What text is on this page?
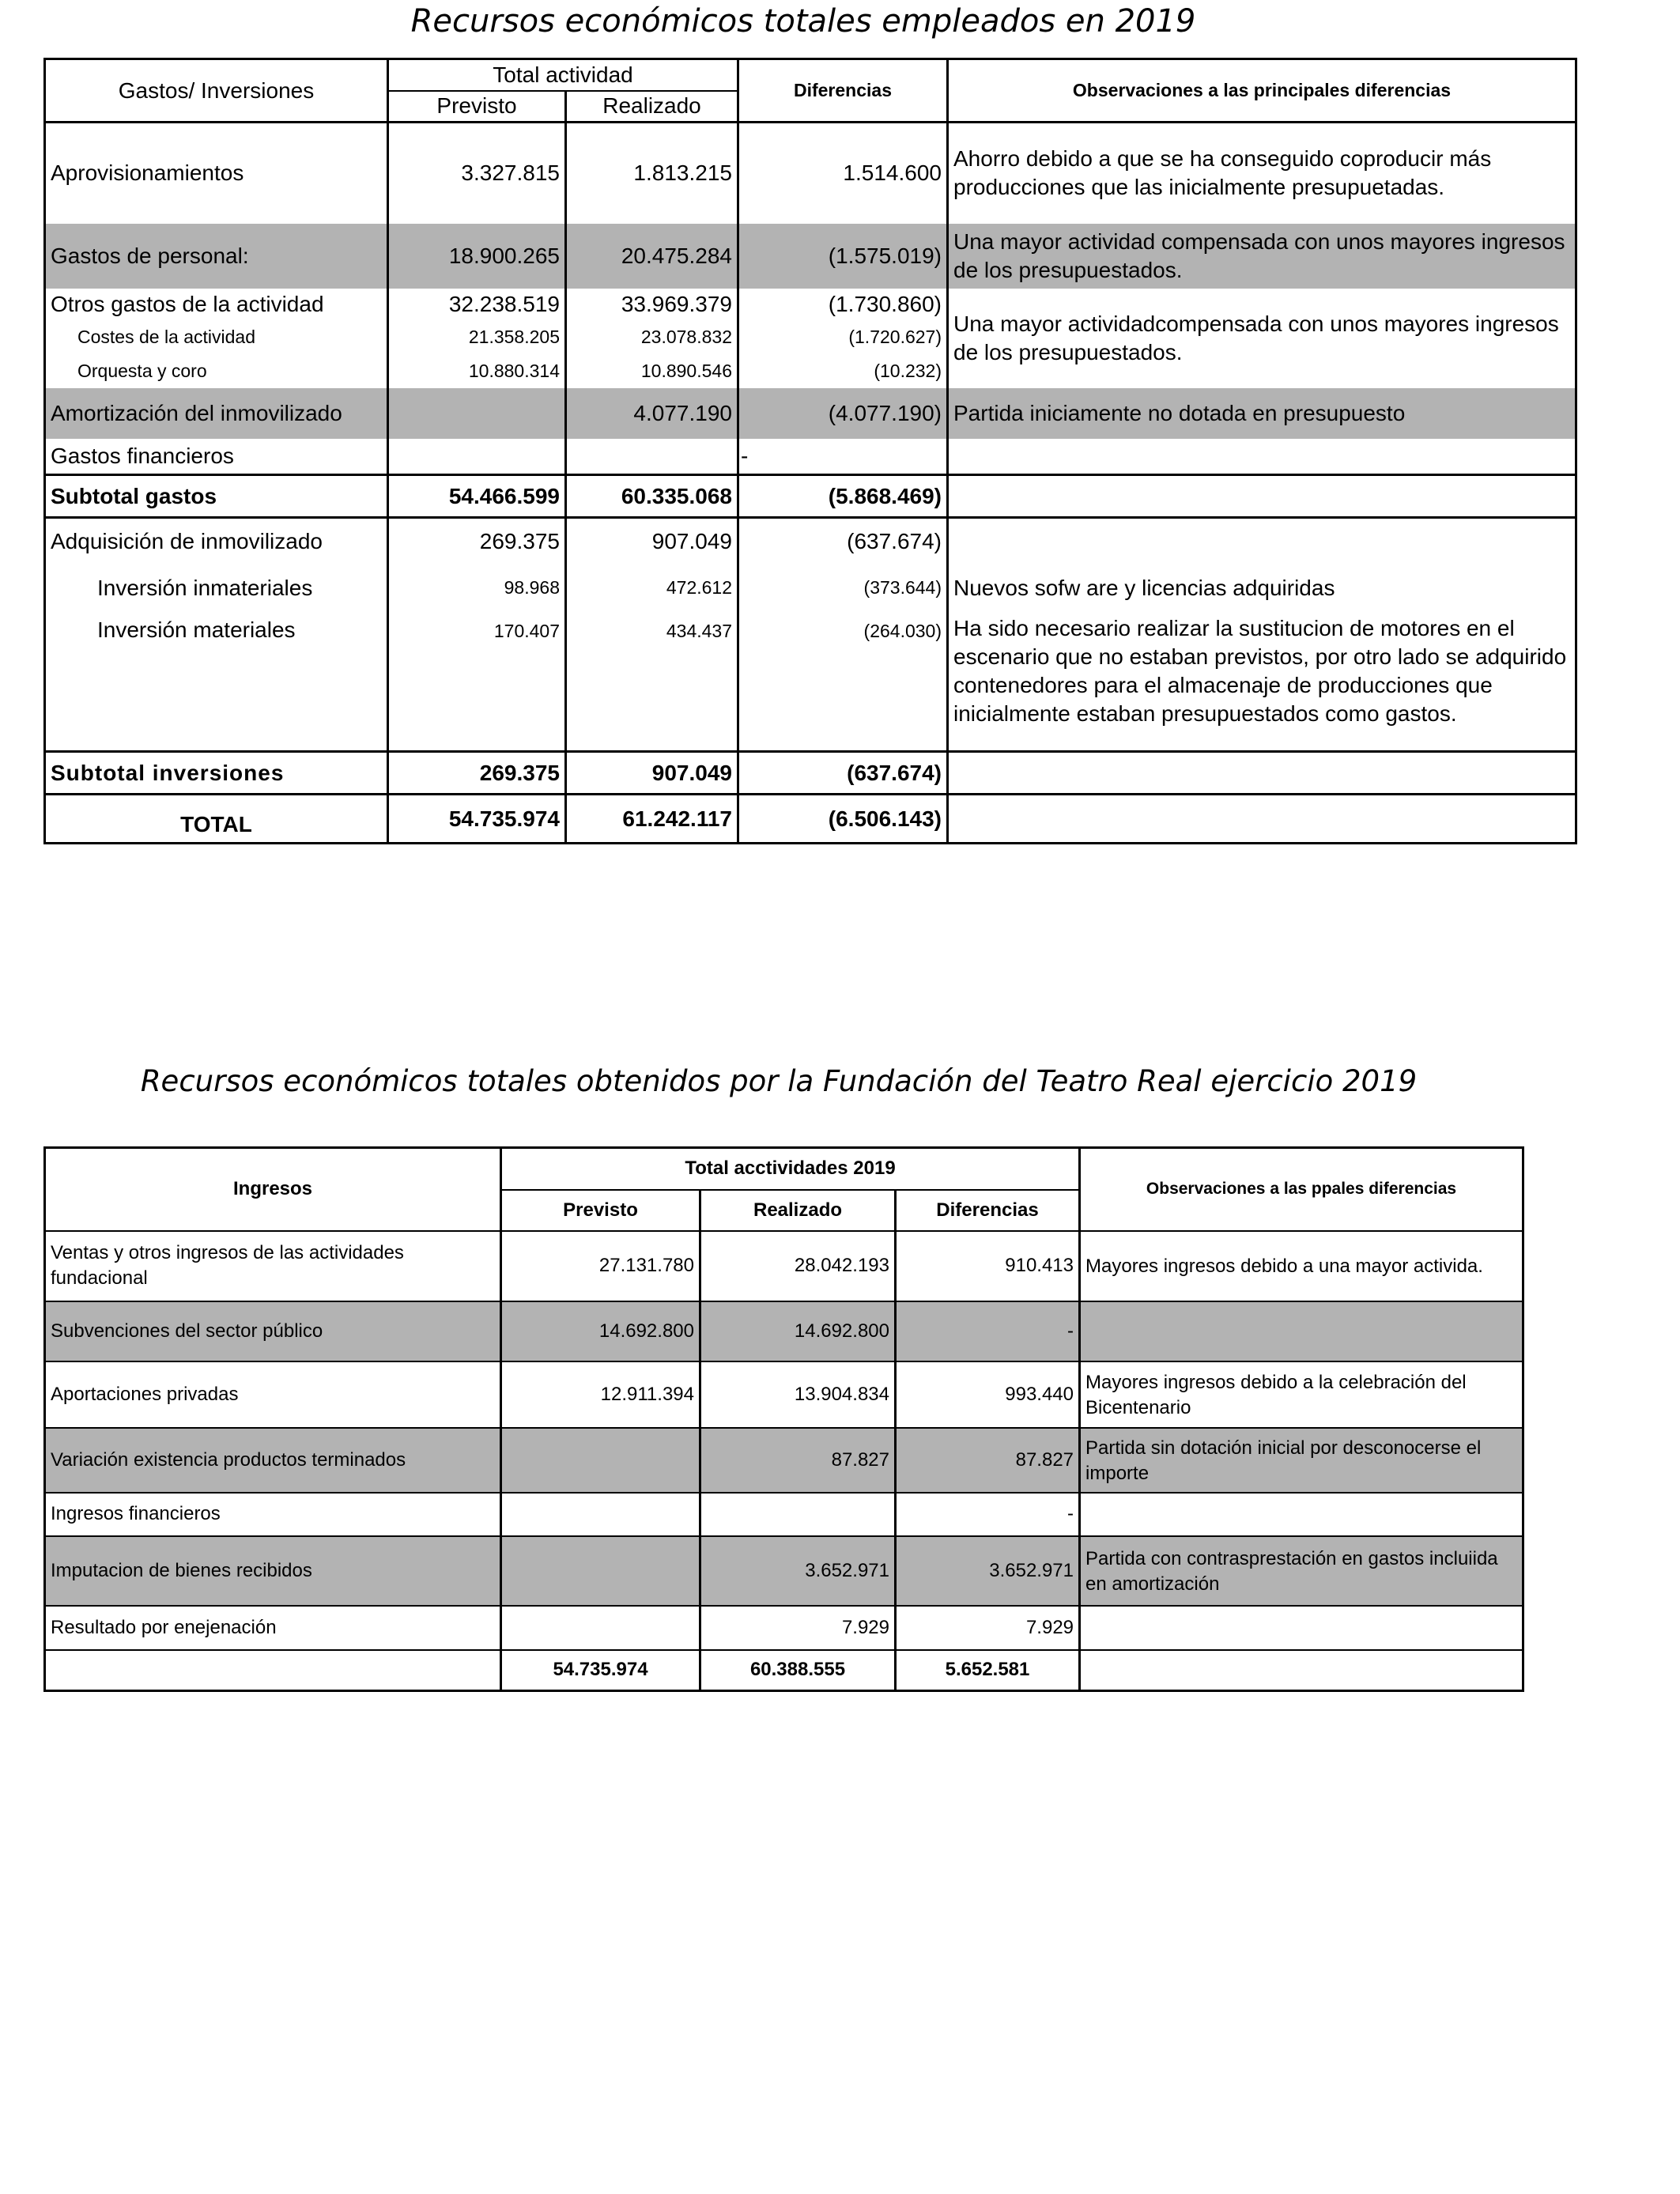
Recursos económicos totales empleados en 2019
Gastos/ Inversiones	Total actividad		Diferencias	Observaciones a las principales diferencias
	Previsto	Realizado		
Aprovisionamientos	3.327.815	1.813.215	1.514.600	Ahorro debido a que se ha conseguido coproducir más producciones que las inicialmente presupuetadas.
Gastos de personal:	18.900.265	20.475.284	(1.575.019)	Una mayor actividad compensada con unos mayores ingresos de los presupuestados.
Otros gastos de la actividad	32.238.519	33.969.379	(1.730.860)	Una mayor actividadcompensada con unos mayores ingresos de los presupuestados.
Costes de la actividad	21.358.205	23.078.832	(1.720.627)	
Orquesta y coro	10.880.314	10.890.546	(10.232)	
Amortización del inmovilizado		4.077.190	(4.077.190)	Partida iniciamente no dotada en presupuesto
Gastos financieros			-	
Subtotal gastos	54.466.599	60.335.068	(5.868.469)	
Adquisición de inmovilizado	269.375	907.049	(637.674)	
Inversión inmateriales	98.968	472.612	(373.644)	Nuevos sofw are y licencias adquiridas
Inversión materiales	170.407	434.437	(264.030)	Ha sido necesario realizar la sustitucion de motores en el escenario que no estaban previstos, por otro lado se adquirido contenedores para el almacenaje de producciones que inicialmente estaban presupuestados como gastos.
Subtotal inversiones	269.375	907.049	(637.674)	
TOTAL	54.735.974	61.242.117	(6.506.143)	
Recursos económicos totales obtenidos por la Fundación del Teatro Real ejercicio 2019
Ingresos	Total acctividades 2019			Observaciones a las ppales diferencias
	Previsto	Realizado	Diferencias	
Ventas y otros ingresos de las actividades fundacional	27.131.780	28.042.193	910.413	Mayores ingresos debido a una mayor activida.
Subvenciones del sector público	14.692.800	14.692.800	-	
Aportaciones privadas	12.911.394	13.904.834	993.440	Mayores ingresos debido a la celebración del Bicentenario
Variación existencia productos terminados		87.827	87.827	Partida sin dotación inicial por desconocerse el importe
Ingresos financieros			-	
Imputacion de bienes recibidos		3.652.971	3.652.971	Partida con contrasprestación en gastos incluiida en amortización
Resultado por enejenación		7.929	7.929	
	54.735.974	60.388.555	5.652.581	
